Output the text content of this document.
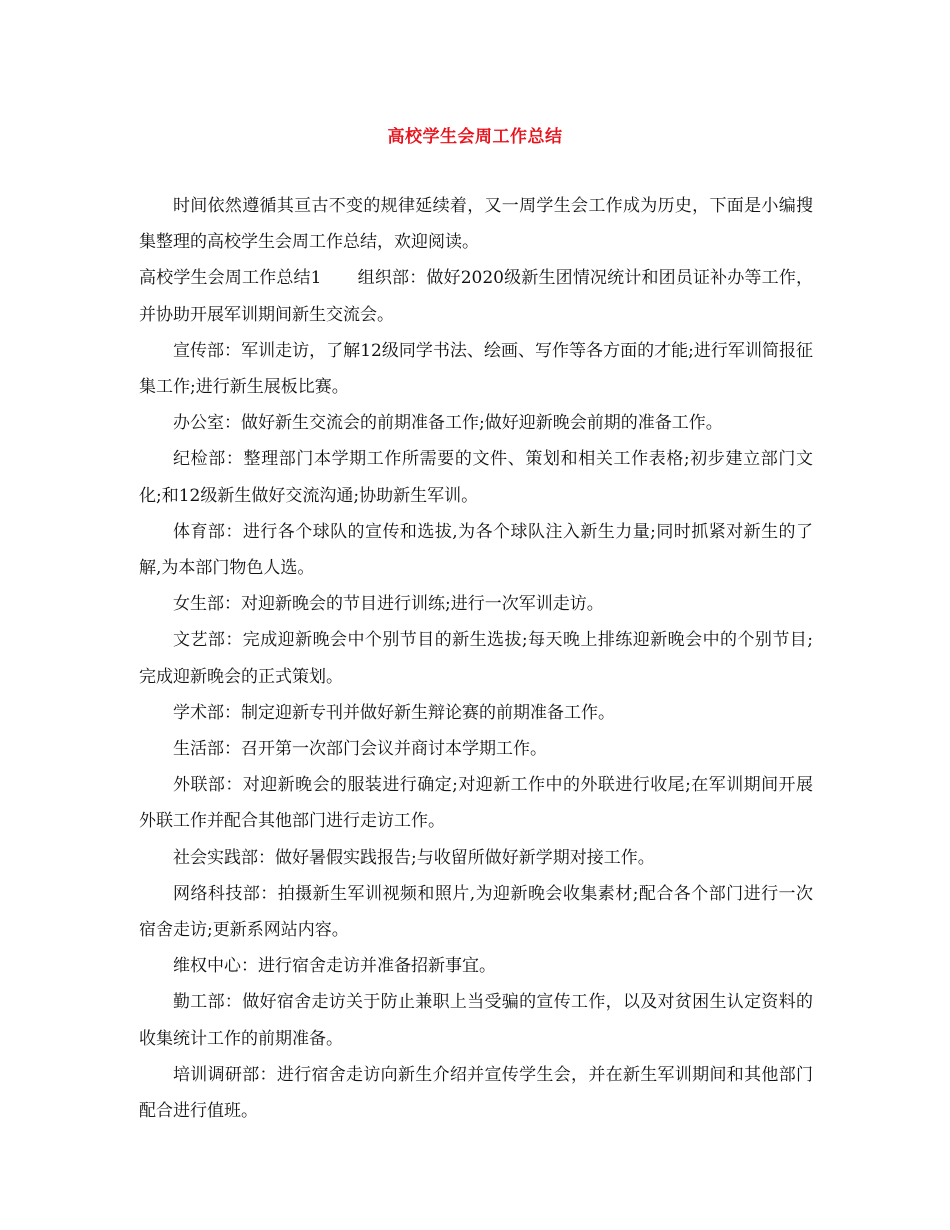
高校学生会周工作总结

时间依然遵循其亘古不变的规律延续着，又一周学生会工作成为历史，下面是小编搜集整理的高校学生会周工作总结，欢迎阅读。

高校学生会周工作总结1 组织部：做好2020级新生团情况统计和团员证补办等工作，并协助开展军训期间新生交流会。

宣传部：军训走访，了解12级同学书法、绘画、写作等各方面的才能;进行军训简报征集工作;进行新生展板比赛。

办公室：做好新生交流会的前期准备工作;做好迎新晚会前期的准备工作。

纪检部：整理部门本学期工作所需要的文件、策划和相关工作表格;初步建立部门文化;和12级新生做好交流沟通;协助新生军训。

体育部：进行各个球队的宣传和选拔,为各个球队注入新生力量;同时抓紧对新生的了解,为本部门物色人选。

女生部：对迎新晚会的节目进行训练;进行一次军训走访。

文艺部：完成迎新晚会中个别节目的新生选拔;每天晚上排练迎新晚会中的个别节目;完成迎新晚会的正式策划。

学术部：制定迎新专刊并做好新生辩论赛的前期准备工作。

生活部：召开第一次部门会议并商讨本学期工作。

外联部：对迎新晚会的服装进行确定;对迎新工作中的外联进行收尾;在军训期间开展外联工作并配合其他部门进行走访工作。

社会实践部：做好暑假实践报告;与收留所做好新学期对接工作。

网络科技部：拍摄新生军训视频和照片,为迎新晚会收集素材;配合各个部门进行一次宿舍走访;更新系网站内容。

维权中心：进行宿舍走访并准备招新事宜。

勤工部：做好宿舍走访关于防止兼职上当受骗的宣传工作，以及对贫困生认定资料的收集统计工作的前期准备。

培训调研部：进行宿舍走访向新生介绍并宣传学生会，并在新生军训期间和其他部门配合进行值班。
